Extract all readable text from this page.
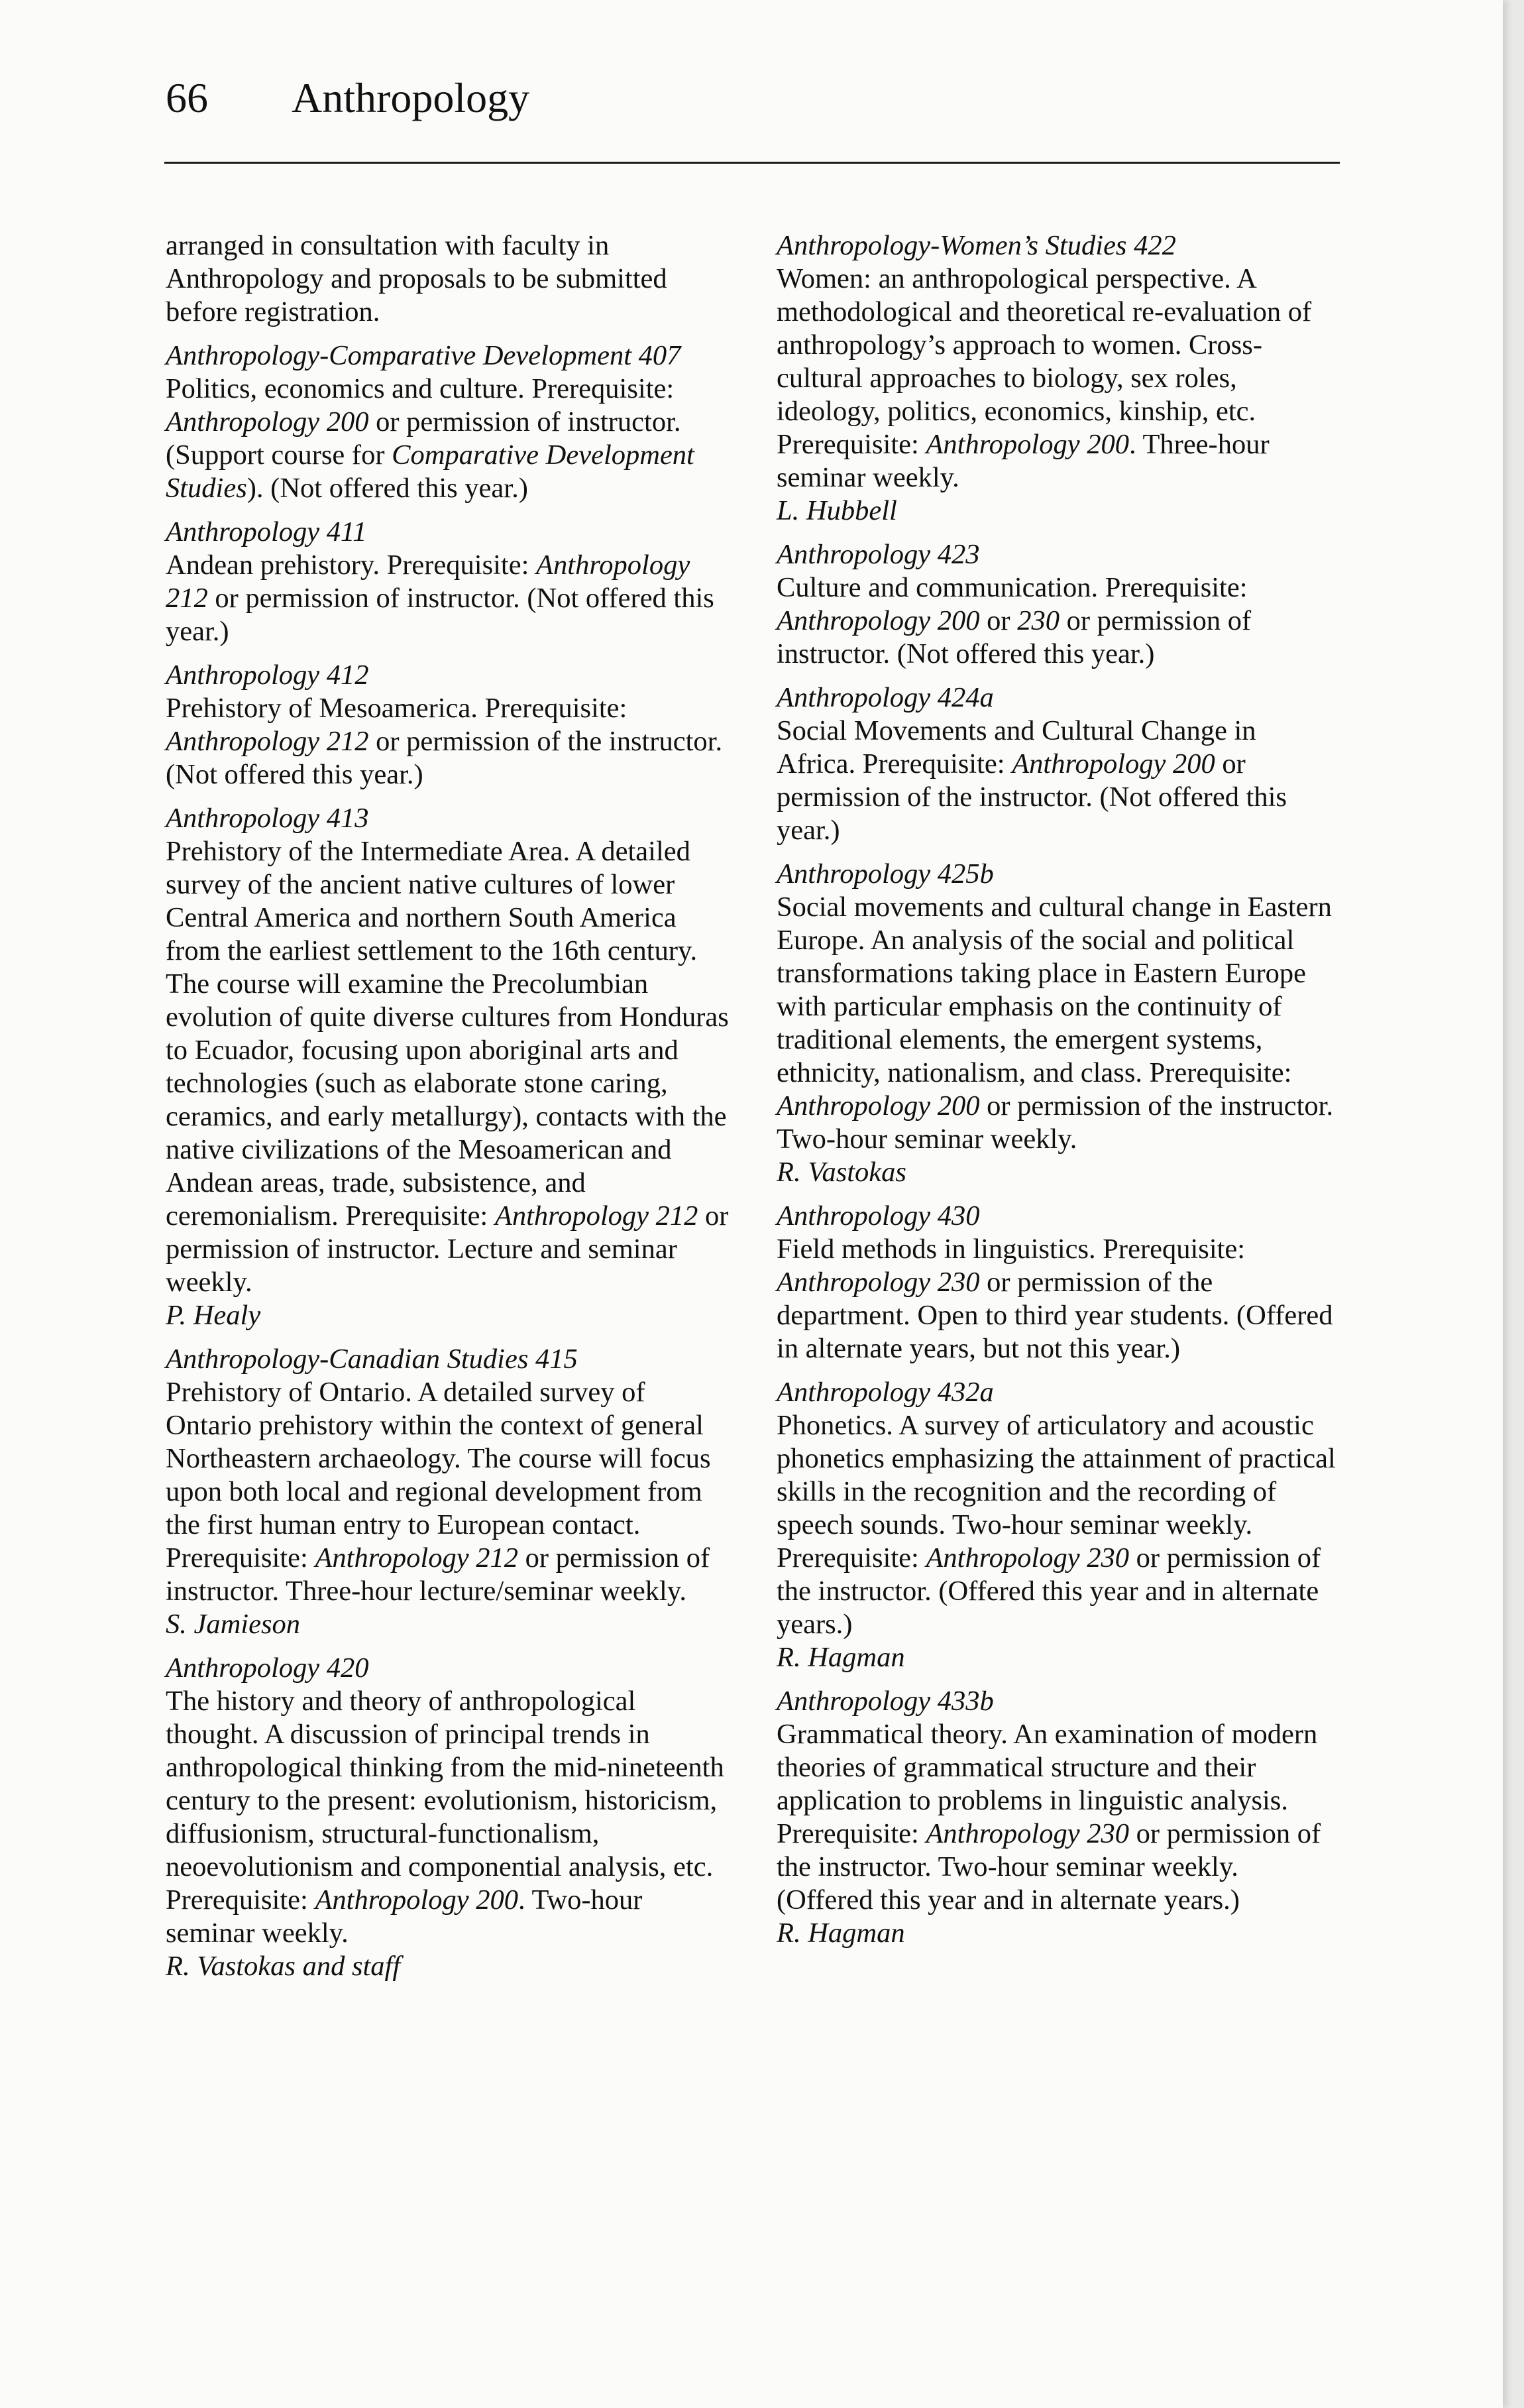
66 Anthropology

arranged in consultation with faculty in Anthropology and proposals to be submitted before registration.

Anthropology-Comparative Development 407

Politics, economics and culture. Prerequisite: Anthropology 200 or permission of instructor. (Support course for Comparative Development Studies). (Not offered this year.)

Anthropology 411

Andean prehistory. Prerequisite: Anthropology 212 or permission of instructor. (Not offered this year.)

Anthropology 412

Prehistory of Mesoamerica. Prerequisite: Anthropology 212 or permission of the instructor. (Not offered this year.)

Anthropology 413

Prehistory of the Intermediate Area. A detailed survey of the ancient native cultures of lower Central America and northern South America from the earliest settlement to the 16th century. The course will examine the Precolumbian evolution of quite diverse cultures from Honduras to Ecuador, focusing upon aboriginal arts and technologies (such as elaborate stone caring, ceramics, and early metallurgy), contacts with the native civilizations of the Mesoamerican and Andean areas, trade, subsistence, and ceremonialism. Prerequisite: Anthropology 212 or permission of instructor. Lecture and seminar weekly.

P. Healy

Anthropology-Canadian Studies 415

Prehistory of Ontario. A detailed survey of Ontario prehistory within the context of general Northeastern archaeology. The course will focus upon both local and regional development from the first human entry to European contact. Prerequisite: Anthropology 212 or permission of instructor. Three-hour lecture/seminar weekly.

S. Jamieson

Anthropology 420

The history and theory of anthropological thought. A discussion of principal trends in anthropological thinking from the mid-nineteenth century to the present: evolutionism, historicism, diffusionism, structural-functionalism, neoevolutionism and componential analysis, etc. Prerequisite: Anthropology 200. Two-hour seminar weekly.

R. Vastokas and staff

Anthropology-Women’s Studies 422

Women: an anthropological perspective. A methodological and theoretical re-evaluation of anthropology’s approach to women. Cross-cultural approaches to biology, sex roles, ideology, politics, economics, kinship, etc. Prerequisite: Anthropology 200. Three-hour seminar weekly.

L. Hubbell

Anthropology 423

Culture and communication. Prerequisite: Anthropology 200 or 230 or permission of instructor. (Not offered this year.)

Anthropology 424a

Social Movements and Cultural Change in Africa. Prerequisite: Anthropology 200 or permission of the instructor. (Not offered this year.)

Anthropology 425b

Social movements and cultural change in Eastern Europe. An analysis of the social and political transformations taking place in Eastern Europe with particular emphasis on the continuity of traditional elements, the emergent systems, ethnicity, nationalism, and class. Prerequisite: Anthropology 200 or permission of the instructor. Two-hour seminar weekly.

R. Vastokas

Anthropology 430

Field methods in linguistics. Prerequisite: Anthropology 230 or permission of the department. Open to third year students. (Offered in alternate years, but not this year.)

Anthropology 432a

Phonetics. A survey of articulatory and acoustic phonetics emphasizing the attainment of practical skills in the recognition and the recording of speech sounds. Two-hour seminar weekly. Prerequisite: Anthropology 230 or permission of the instructor. (Offered this year and in alternate years.)

R. Hagman

Anthropology 433b

Grammatical theory. An examination of modern theories of grammatical structure and their application to problems in linguistic analysis. Prerequisite: Anthropology 230 or permission of the instructor. Two-hour seminar weekly. (Offered this year and in alternate years.)

R. Hagman
